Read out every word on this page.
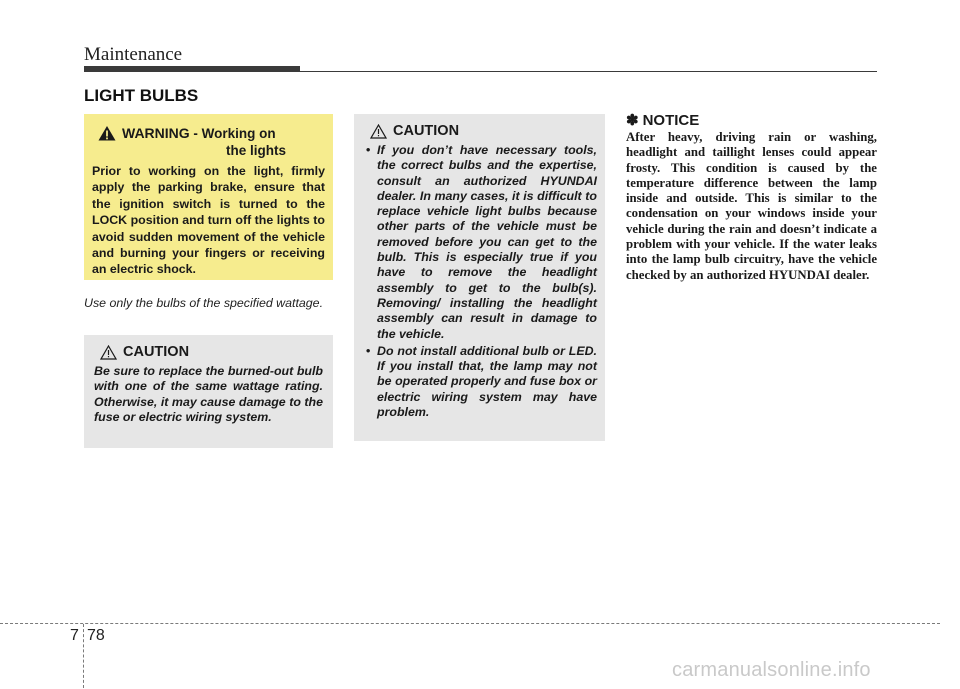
Maintenance
LIGHT BULBS
WARNING - Working on
the lights
Prior to working on the light, firmly apply the parking brake, ensure that the ignition switch is turned to the LOCK position and turn off the lights to avoid sudden movement of the vehicle and burning your fingers or receiving an electric shock.
Use only the bulbs of the specified wattage.
CAUTION
Be sure to replace the burned-out bulb with one of the same wattage rating. Otherwise, it may cause damage to the fuse or electric wiring system.
CAUTION
• If you don’t have necessary tools, the correct bulbs and the expertise, consult an authorized HYUNDAI dealer. In many cases, it is difficult to replace vehicle light bulbs because other parts of the vehicle must be removed before you can get to the bulb. This is especially true if you have to remove the headlight assembly to get to the bulb(s). Removing/ installing the headlight assembly can result in damage to the vehicle.
• Do not install additional bulb or LED. If you install that, the lamp may not be operated properly and fuse box or electric wiring system may have problem.
✽ NOTICE
After heavy, driving rain or washing, headlight and taillight lenses could appear frosty. This condition is caused by the temperature difference between the lamp inside and outside. This is similar to the condensation on your windows inside your vehicle during the rain and doesn’t indicate a problem with your vehicle. If the water leaks into the lamp bulb circuitry, have the vehicle checked by an authorized HYUNDAI dealer.
7 78
carmanualsonline.info
